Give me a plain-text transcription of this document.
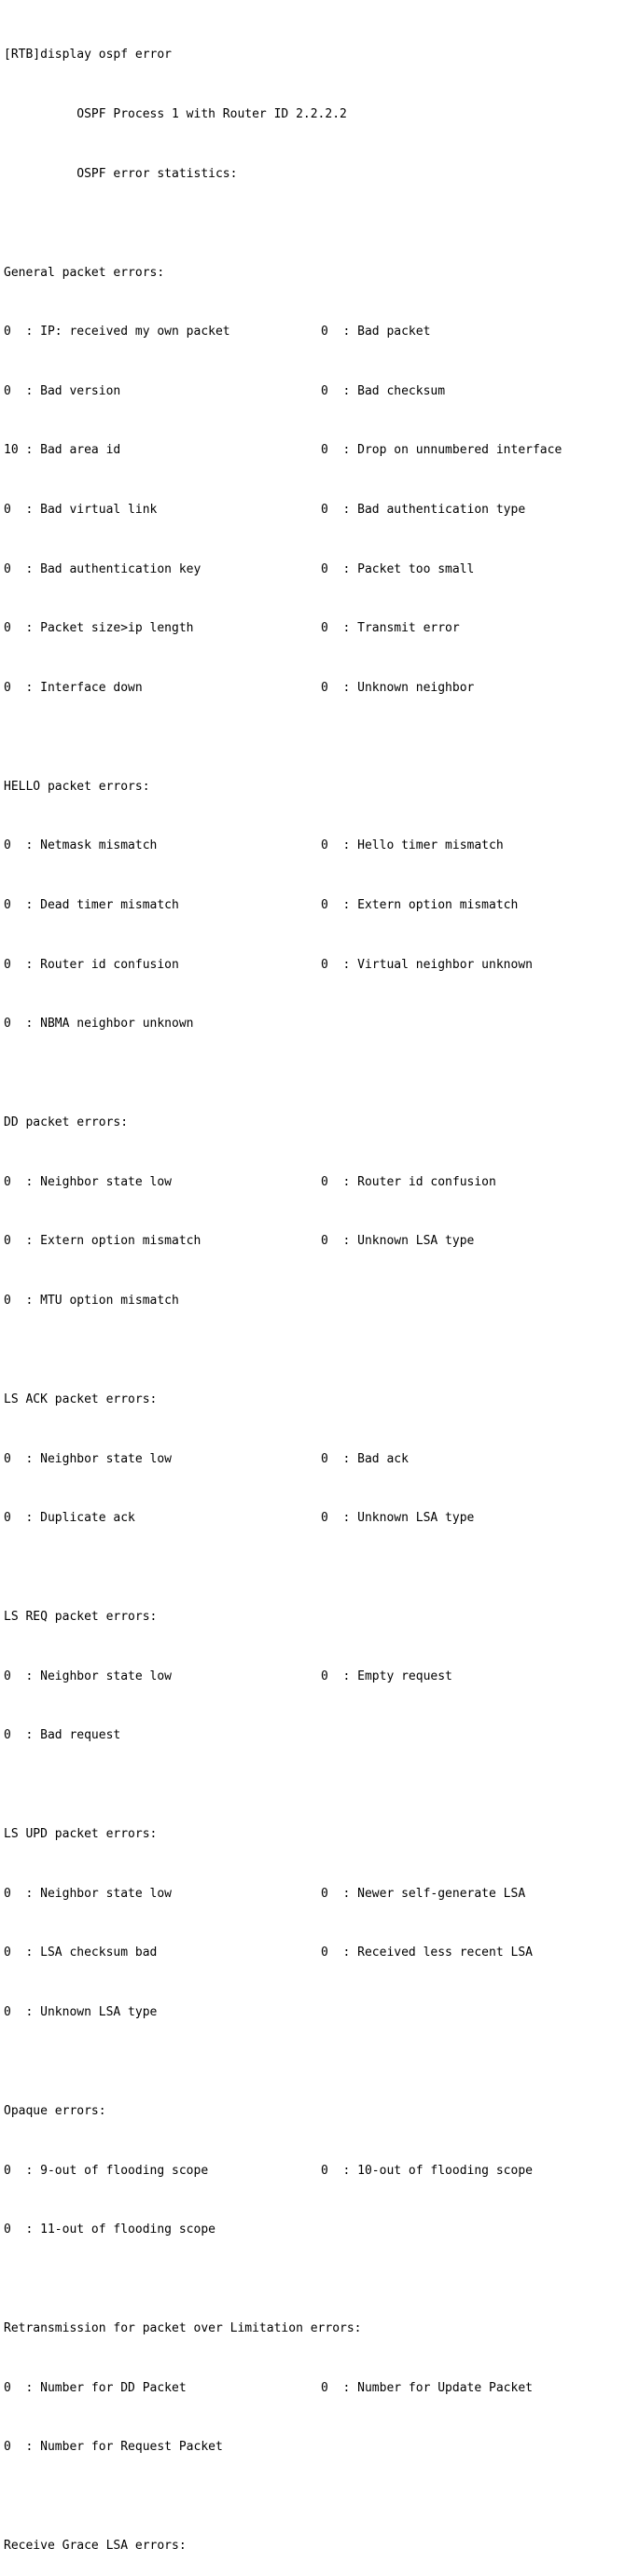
[RTB]display ospf error

OSPF Process 1 with Router ID 2.2.2.2

OSPF error statistics:

General packet errors:

0  : IP: received my own packet	0  : Bad packet

0  : Bad version	0  : Bad checksum

10 : Bad area id	0  : Drop on unnumbered interface

0  : Bad virtual link	0  : Bad authentication type

0  : Bad authentication key	0  : Packet too small

0  : Packet size>ip length	0  : Transmit error

0  : Interface down	0  : Unknown neighbor

HELLO packet errors:

0  : Netmask mismatch	0  : Hello timer mismatch

0  : Dead timer mismatch	0  : Extern option mismatch

0  : Router id confusion	0  : Virtual neighbor unknown

0  : NBMA neighbor unknown

DD packet errors:

0  : Neighbor state low	0  : Router id confusion

0  : Extern option mismatch	0  : Unknown LSA type

0  : MTU option mismatch

LS ACK packet errors:

0  : Neighbor state low	0  : Bad ack

0  : Duplicate ack	0  : Unknown LSA type

LS REQ packet errors:

0  : Neighbor state low	0  : Empty request

0  : Bad request

LS UPD packet errors:

0  : Neighbor state low	0  : Newer self-generate LSA

0  : LSA checksum bad	0  : Received less recent LSA

0  : Unknown LSA type

Opaque errors:

0  : 9-out of flooding scope	0  : 10-out of flooding scope

0  : 11-out of flooding scope

Retransmission for packet over Limitation errors:

0  : Number for DD Packet	0  : Number for Update Packet

0  : Number for Request Packet

Receive Grace LSA errors:
